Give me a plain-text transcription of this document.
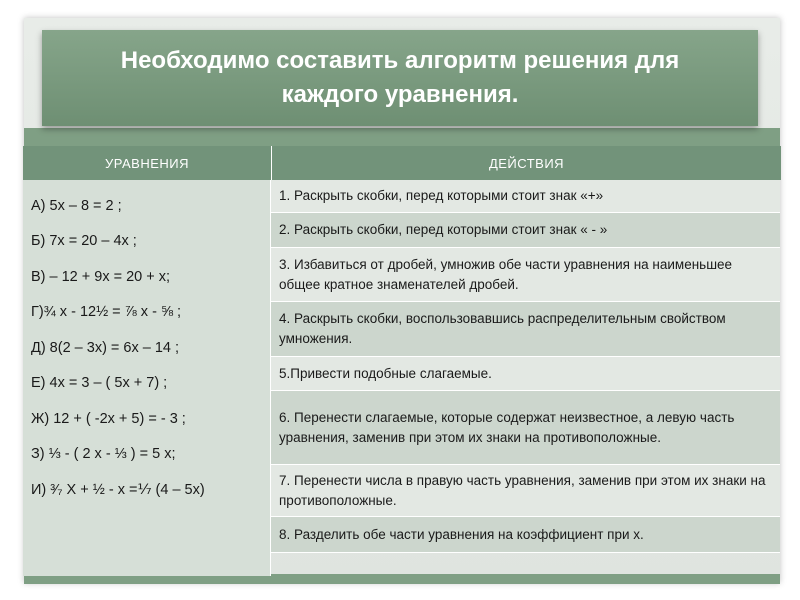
Необходимо составить алгоритм решения для каждого уравнения.
УРАВНЕНИЯ	ДЕЙСТВИЯ
А) 5х – 8 = 2 ;
Б) 7х = 20 – 4х ;
В) – 12 + 9х = 20 + х;
Г)¾ х - 12½ = ⅞ х - ⅝ ;
Д) 8(2 – 3х) = 6х – 14 ;
Е) 4х = 3 – ( 5х + 7) ;
Ж) 12 + ( -2х + 5) = - 3 ;
З) ⅓ - ( 2 х - ⅓ ) = 5 х;
И) ³⁄₇ Х + ½ - х =⅐ (4 – 5х)
1. Раскрыть скобки, перед которыми стоит знак «+»
2. Раскрыть скобки, перед которыми стоит знак « - »
3. Избавиться от дробей, умножив обе части уравнения на наименьшее общее кратное знаменателей дробей.
4. Раскрыть скобки, воспользовавшись распределительным свойством умножения.
5.Привести подобные слагаемые.
6. Перенести слагаемые, которые содержат неизвестное, а левую часть уравнения, заменив при этом их знаки на противоположные.
7. Перенести числа в правую часть уравнения, заменив при этом их знаки на противоположные.
8. Разделить обе части уравнения на коэффициент при х.
